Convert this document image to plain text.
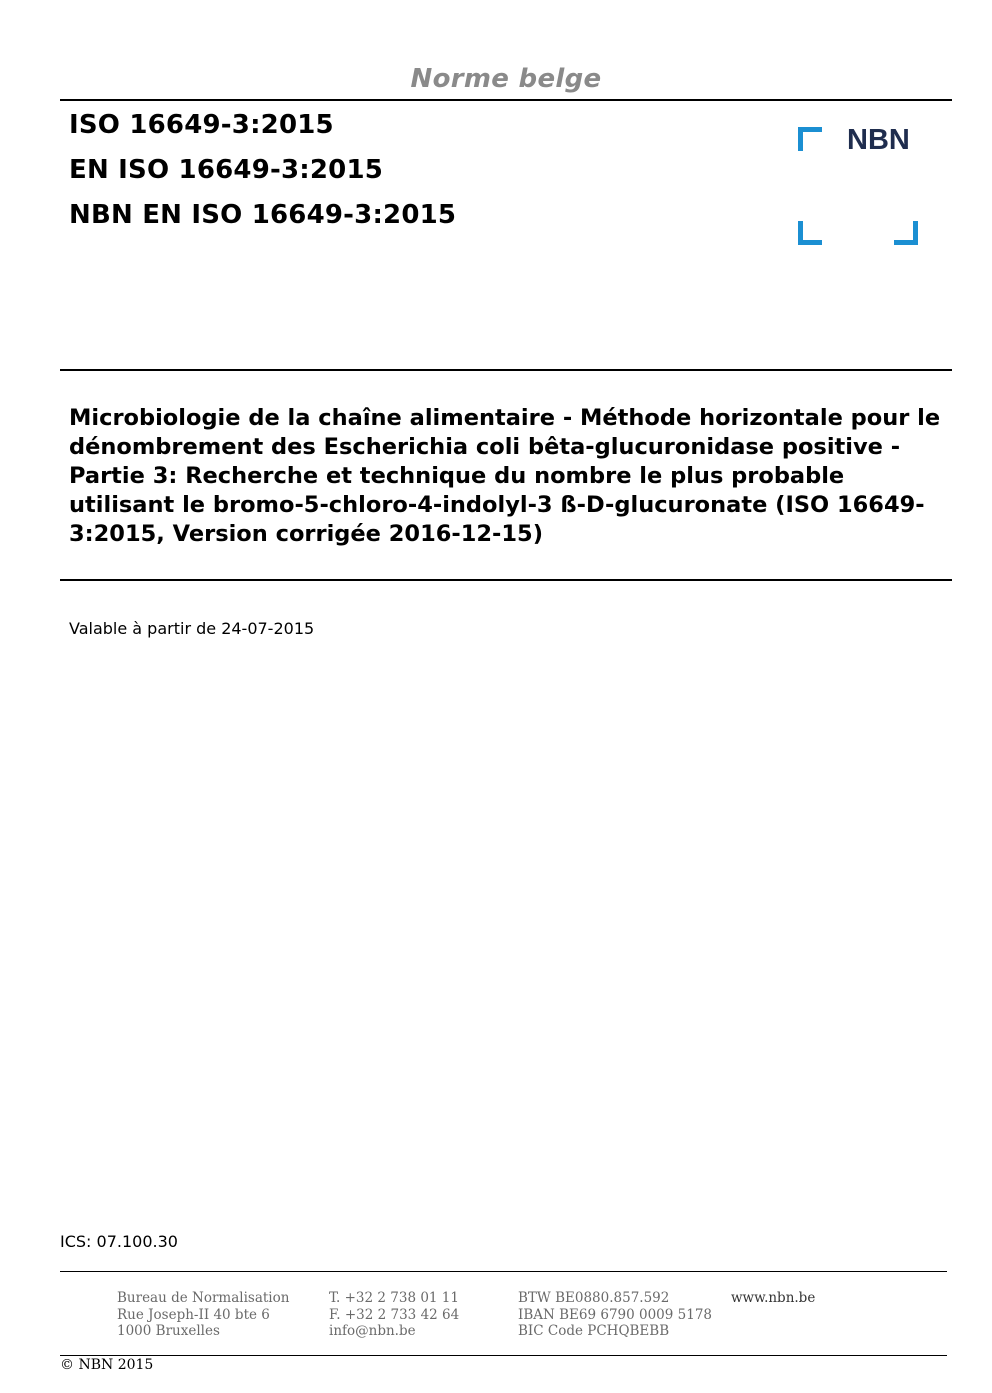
Norme belge
ISO 16649-3:2015
EN ISO 16649-3:2015
NBN EN ISO 16649-3:2015
NBN
Microbiologie de la chaîne alimentaire - Méthode horizontale pour le dénombrement des Escherichia coli bêta-glucuronidase positive - Partie 3: Recherche et technique du nombre le plus probable utilisant le bromo-5-chloro-4-indolyl-3 ß-D-glucuronate (ISO 16649-3:2015, Version corrigée 2016-12-15)
Valable à partir de 24-07-2015
ICS: 07.100.30
Bureau de Normalisation
Rue Joseph-II 40 bte 6
1000 Bruxelles
T. +32 2 738 01 11
F. +32 2 733 42 64
info@nbn.be
BTW BE0880.857.592
IBAN BE69 6790 0009 5178
BIC Code PCHQBEBB
www.nbn.be
© NBN 2015
